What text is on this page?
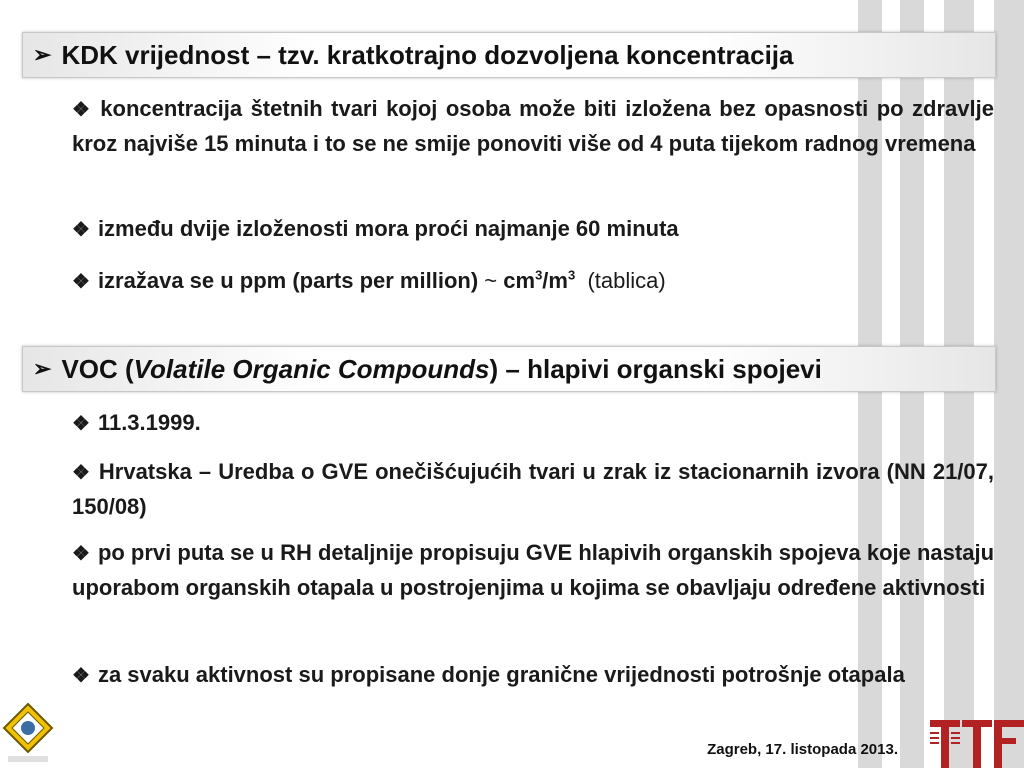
➢ KDK vrijednost – tzv. kratkotrajno dozvoljena koncentracija
❖ koncentracija štetnih tvari kojoj osoba može biti izložena bez opasnosti po zdravlje kroz najviše 15 minuta i to se ne smije ponoviti više od 4 puta tijekom radnog vremena
❖ između dvije izloženosti mora proći najmanje 60 minuta
❖ izražava se u ppm (parts per million) ~ $cm^3/m^3$ (tablica)
➢ VOC ( Volatile Organic Compounds ) – hlapivi organski spojevi
❖ 11.3.1999.
❖ Hrvatska – Uredba o GVE onečišćujućih tvari u zrak iz stacionarnih izvora (NN 21/07, 150/08)
❖ po prvi puta se u RH detaljnije propisuju GVE hlapivih organskih spojeva koje nastaju uporabom organskih otapala u postrojenjima u kojima se obavljaju određene aktivnosti
❖ za svaku aktivnost su propisane donje granične vrijednosti potrošnje otapala
Zagreb, 17. listopada 2013.
